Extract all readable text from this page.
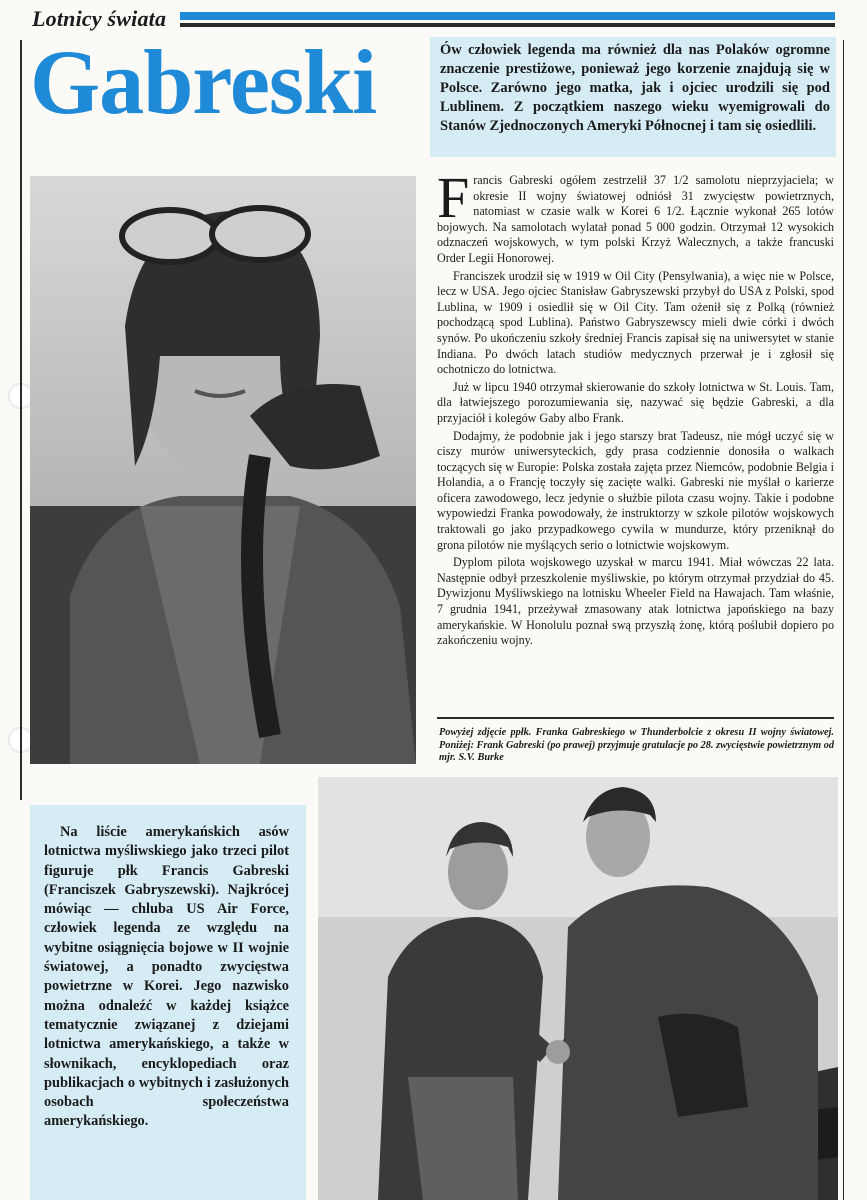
Lotnicy świata
Gabreski	Ów człowiek legenda ma również dla nas Polaków ogromne znaczenie prestiżowe, ponieważ jego korzenie znajdują się w Polsce. Zarówno jego matka, jak i ojciec urodzili się pod Lublinem. Z początkiem naszego wieku wyemigrowali do Stanów Zjednoczonych Ameryki Północnej i tam się osiedlili.

Francis Gabreski ogółem zestrzelił 37 1/2 samolotu nieprzyjaciela; w okresie II wojny światowej odniósł 31 zwycięstw powietrznych, natomiast w czasie walk w Korei 6 1/2. Łącznie wykonał 265 lotów bojowych. Na samolotach wylatał ponad 5 000 godzin. Otrzymał 12 wysokich odznaczeń wojskowych, w tym polski Krzyż Walecznych, a także francuski Order Legii Honorowej.

Franciszek urodził się w 1919 w Oil City (Pensylwania), a więc nie w Polsce, lecz w USA. Jego ojciec Stanisław Gabryszewski przybył do USA z Polski, spod Lublina, w 1909 i osiedlił się w Oil City. Tam ożenił się z Polką (również pochodzącą spod Lublina). Państwo Gabryszewscy mieli dwie córki i dwóch synów. Po ukończeniu szkoły średniej Francis zapisał się na uniwersytet w stanie Indiana. Po dwóch latach studiów medycznych przerwał je i zgłosił się ochotniczo do lotnictwa.

Już w lipcu 1940 otrzymał skierowanie do szkoły lotnictwa w St. Louis. Tam, dla łatwiejszego porozumiewania się, nazywać się będzie Gabreski, a dla przyjaciół i kolegów Gaby albo Frank.

Dodajmy, że podobnie jak i jego starszy brat Tadeusz, nie mógł uczyć się w ciszy murów uniwersyteckich, gdy prasa codziennie donosiła o walkach toczących się w Europie: Polska została zajęta przez Niemców, podobnie Belgia i Holandia, a o Francję toczyły się zacięte walki. Gabreski nie myślał o karierze oficera zawodowego, lecz jedynie o służbie pilota czasu wojny. Takie i podobne wypowiedzi Franka powodowały, że instruktorzy w szkole pilotów wojskowych traktowali go jako przypadkowego cywila w mundurze, który przeniknął do grona pilotów nie myślących serio o lotnictwie wojskowym.

Dyplom pilota wojskowego uzyskał w marcu 1941. Miał wówczas 22 lata. Następnie odbył przeszkolenie myśliwskie, po którym otrzymał przydział do 45. Dywizjonu Myśliwskiego na lotnisku Wheeler Field na Hawajach. Tam właśnie, 7 grudnia 1941, przeżywał zmasowany atak lotnictwa japońskiego na bazy amerykańskie. W Honolulu poznał swą przyszłą żonę, którą poślubił dopiero po zakończeniu wojny.

Powyżej zdjęcie ppłk. Franka Gabreskiego w Thunderbolcie z okresu II wojny światowej. Poniżej: Frank Gabreski (po prawej) przyjmuje gratulacje po 28. zwycięstwie powietrznym od mjr. S.V. Burke

Na liście amerykańskich asów lotnictwa myśliwskiego jako trzeci pilot figuruje płk Francis Gabreski (Franciszek Gabryszewski). Najkrócej mówiąc — chluba US Air Force, człowiek legenda ze względu na wybitne osiągnięcia bojowe w II wojnie światowej, a ponadto zwycięstwa powietrzne w Korei. Jego nazwisko można odnaleźć w każdej książce tematycznie związanej z dziejami lotnictwa amerykańskiego, a także w słownikach, encyklopediach oraz publikacjach o wybitnych i zasłużonych osobach społeczeństwa amerykańskiego.
